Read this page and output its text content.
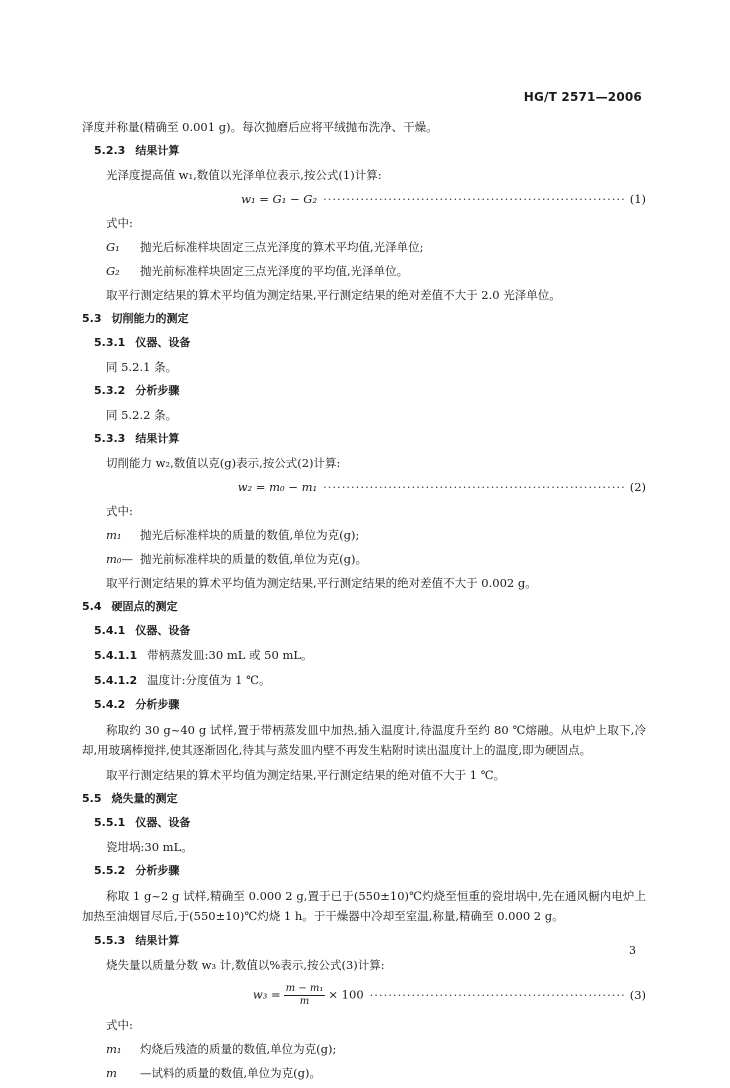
HG/T 2571—2006
泽度并称量(精确至 0.001 g)。每次抛磨后应将平绒抛布洗净、干燥。
5.2.3 结果计算
光泽度提高值 w₁,数值以光泽单位表示,按公式(1)计算:
w₁ = G₁ − G₂ ································································· (1)
式中:
G₁ 抛光后标准样块固定三点光泽度的算术平均值,光泽单位;
G₂ 抛光前标准样块固定三点光泽度的平均值,光泽单位。
取平行测定结果的算术平均值为测定结果,平行测定结果的绝对差值不大于 2.0 光泽单位。
5.3 切削能力的测定
5.3.1 仪器、设备
同 5.2.1 条。
5.3.2 分析步骤
同 5.2.2 条。
5.3.3 结果计算
切削能力 w₂,数值以克(g)表示,按公式(2)计算:
w₂ = m₀ − m₁ ································································· (2)
式中:
m₁ 抛光后标准样块的质量的数值,单位为克(g);
m₀— 抛光前标准样块的质量的数值,单位为克(g)。
取平行测定结果的算术平均值为测定结果,平行测定结果的绝对差值不大于 0.002 g。
5.4 硬固点的测定
5.4.1 仪器、设备
5.4.1.1 带柄蒸发皿:30 mL 或 50 mL。
5.4.1.2 温度计:分度值为 1 ℃。
5.4.2 分析步骤
称取约 30 g~40 g 试样,置于带柄蒸发皿中加热,插入温度计,待温度升至约 80 ℃熔融。从电炉上取下,冷却,用玻璃棒搅拌,使其逐渐固化,待其与蒸发皿内壁不再发生粘附时读出温度计上的温度,即为硬固点。
取平行测定结果的算术平均值为测定结果,平行测定结果的绝对值不大于 1 ℃。
5.5 烧失量的测定
5.5.1 仪器、设备
瓷坩埚:30 mL。
5.5.2 分析步骤
称取 1 g~2 g 试样,精确至 0.000 2 g,置于已于(550±10)℃灼烧至恒重的瓷坩埚中,先在通风橱内电炉上加热至油烟冒尽后,于(550±10)℃灼烧 1 h。于干燥器中冷却至室温,称量,精确至 0.000 2 g。
5.5.3 结果计算
烧失量以质量分数 w₃ 计,数值以%表示,按公式(3)计算:
$w_3 = \frac{\text{m − m₁}}{m} \times 100$ ······················································· (3)
式中:
m₁ 灼烧后残渣的质量的数值,单位为克(g);
m —试料的质量的数值,单位为克(g)。
3
